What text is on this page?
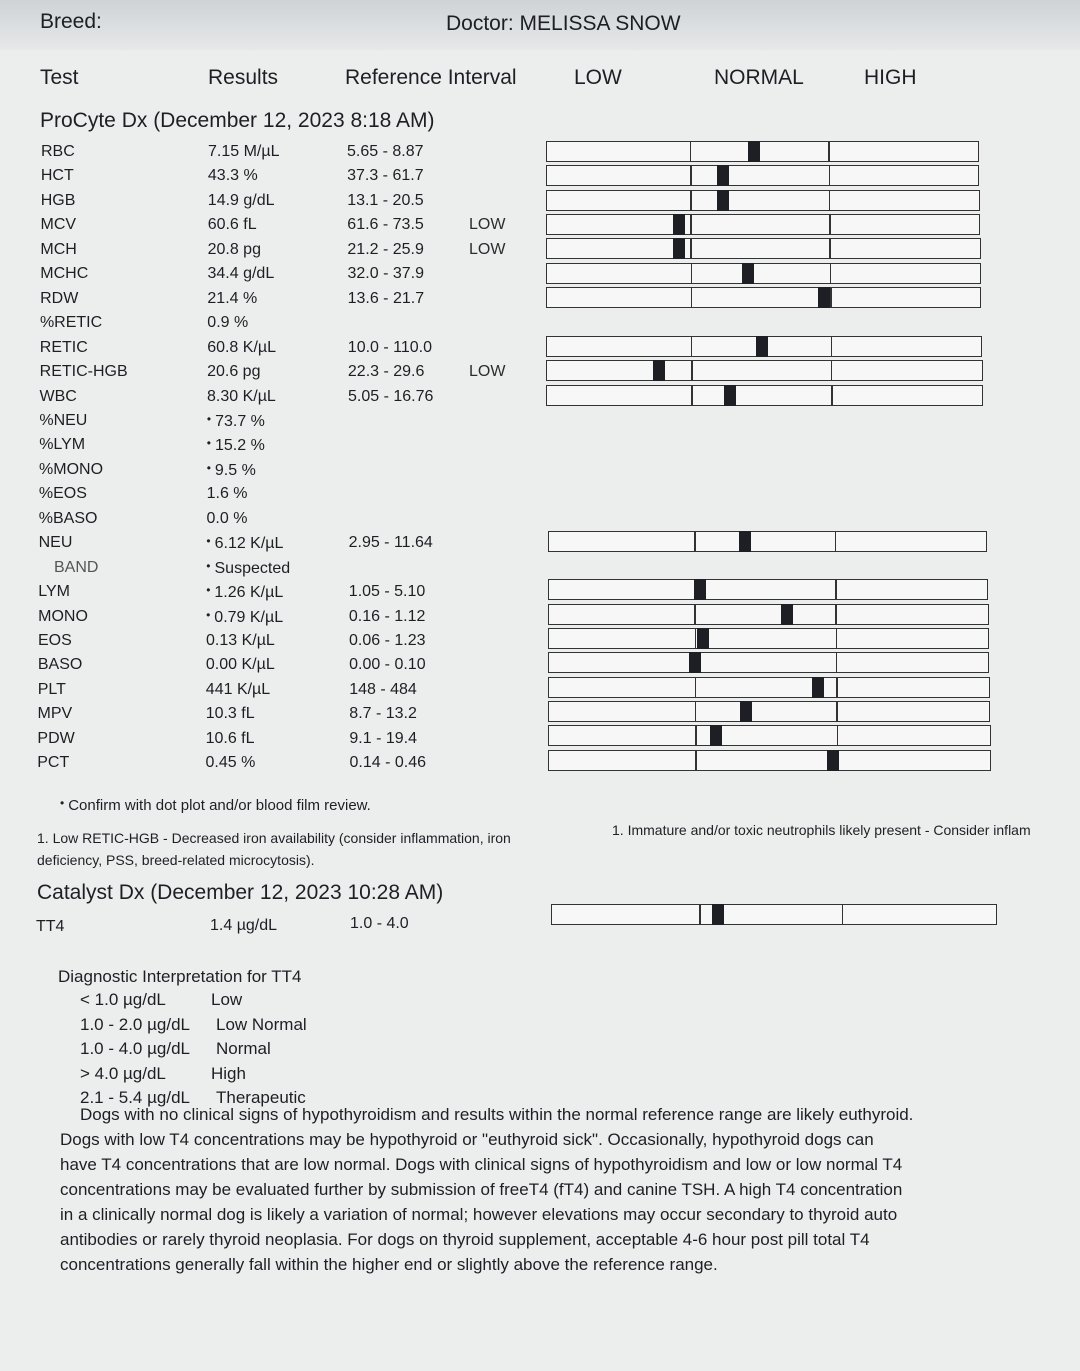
Breed:	Doctor: MELISSA SNOW
Test	Results	Reference Interval	LOW	NORMAL	HIGH
ProCyte Dx (December 12, 2023 8:18 AM)
RBC	7.15 M/µL	5.65 - 8.87
HCT	43.3 %	37.3 - 61.7
HGB	14.9 g/dL	13.1 - 20.5
MCV	60.6 fL	61.6 - 73.5	LOW
MCH	20.8 pg	21.2 - 25.9	LOW
MCHC	34.4 g/dL	32.0 - 37.9
RDW	21.4 %	13.6 - 21.7
%RETIC	0.9 %
RETIC	60.8 K/µL	10.0 - 110.0
RETIC-HGB	20.6 pg	22.3 - 29.6	LOW
WBC	8.30 K/µL	5.05 - 16.76
%NEU	• 73.7 %
%LYM	• 15.2 %
%MONO	• 9.5 %
%EOS	1.6 %
%BASO	0.0 %
NEU	• 6.12 K/µL	2.95 - 11.64
BAND	• Suspected
LYM	• 1.26 K/µL	1.05 - 5.10
MONO	• 0.79 K/µL	0.16 - 1.12
EOS	0.13 K/µL	0.06 - 1.23
BASO	0.00 K/µL	0.00 - 0.10
PLT	441 K/µL	148 - 484
MPV	10.3 fL	8.7 - 13.2
PDW	10.6 fL	9.1 - 19.4
PCT	0.45 %	0.14 - 0.46
• Confirm with dot plot and/or blood film review.
1. Low RETIC-HGB - Decreased iron availability (consider inflammation, iron deficiency, PSS, breed-related microcytosis).
1. Immature and/or toxic neutrophils likely present - Consider inflam
Catalyst Dx (December 12, 2023 10:28 AM)
TT4	1.4 µg/dL	1.0 - 4.0
Diagnostic Interpretation for TT4
< 1.0 µg/dL	Low
1.0 - 2.0 µg/dL Low Normal
1.0 - 4.0 µg/dL Normal
> 4.0 µg/dL	High
2.1 - 5.4 µg/dL Therapeutic
Dogs with no clinical signs of hypothyroidism and results within the normal reference range are likely euthyroid.
Dogs with low T4 concentrations may be hypothyroid or "euthyroid sick". Occasionally, hypothyroid dogs can
have T4 concentrations that are low normal. Dogs with clinical signs of hypothyroidism and low or low normal T4
concentrations may be evaluated further by submission of freeT4 (fT4) and canine TSH. A high T4 concentration
in a clinically normal dog is likely a variation of normal; however elevations may occur secondary to thyroid auto
antibodies or rarely thyroid neoplasia. For dogs on thyroid supplement, acceptable 4-6 hour post pill total T4
concentrations generally fall within the higher end or slightly above the reference range.
